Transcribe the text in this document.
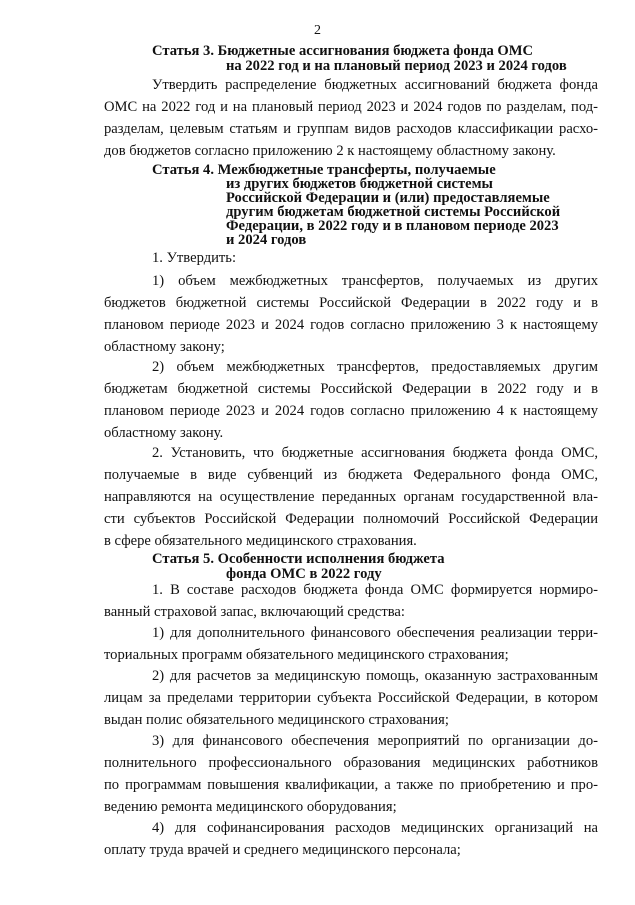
2
Статья 3. Бюджетные ассигнования бюджета фонда ОМС
на 2022 год и на плановый период 2023 и 2024 годов
Утвердить распределение бюджетных ассигнований бюджета фонда
ОМС на 2022 год и на плановый период 2023 и 2024 годов по разделам, под-
разделам, целевым статьям и группам видов расходов классификации расхо-
дов бюджетов согласно приложению 2 к настоящему областному закону.
Статья 4. Межбюджетные трансферты, получаемые
из других бюджетов бюджетной системы
Российской Федерации и (или) предоставляемые
другим бюджетам бюджетной системы Российской
Федерации, в 2022 году и в плановом периоде 2023
и 2024 годов
1. Утвердить:
1) объем межбюджетных трансфертов, получаемых из других
бюджетов бюджетной системы Российской Федерации в 2022 году и в
плановом периоде 2023 и 2024 годов согласно приложению 3 к настоящему
областному закону;
2) объем межбюджетных трансфертов, предоставляемых другим
бюджетам бюджетной системы Российской Федерации в 2022 году и в
плановом периоде 2023 и 2024 годов согласно приложению 4 к настоящему
областному закону.
2. Установить, что бюджетные ассигнования бюджета фонда ОМС,
получаемые в виде субвенций из бюджета Федерального фонда ОМС,
направляются на осуществление переданных органам государственной вла-
сти субъектов Российской Федерации полномочий Российской Федерации
в сфере обязательного медицинского страхования.
Статья 5. Особенности исполнения бюджета
фонда ОМС в 2022 году
1. В составе расходов бюджета фонда ОМС формируется нормиро-
ванный страховой запас, включающий средства:
1) для дополнительного финансового обеспечения реализации терри-
ториальных программ обязательного медицинского страхования;
2) для расчетов за медицинскую помощь, оказанную застрахованным
лицам за пределами территории субъекта Российской Федерации, в котором
выдан полис обязательного медицинского страхования;
3) для финансового обеспечения мероприятий по организации до-
полнительного профессионального образования медицинских работников
по программам повышения квалификации, а также по приобретению и про-
ведению ремонта медицинского оборудования;
4) для софинансирования расходов медицинских организаций на
оплату труда врачей и среднего медицинского персонала;
